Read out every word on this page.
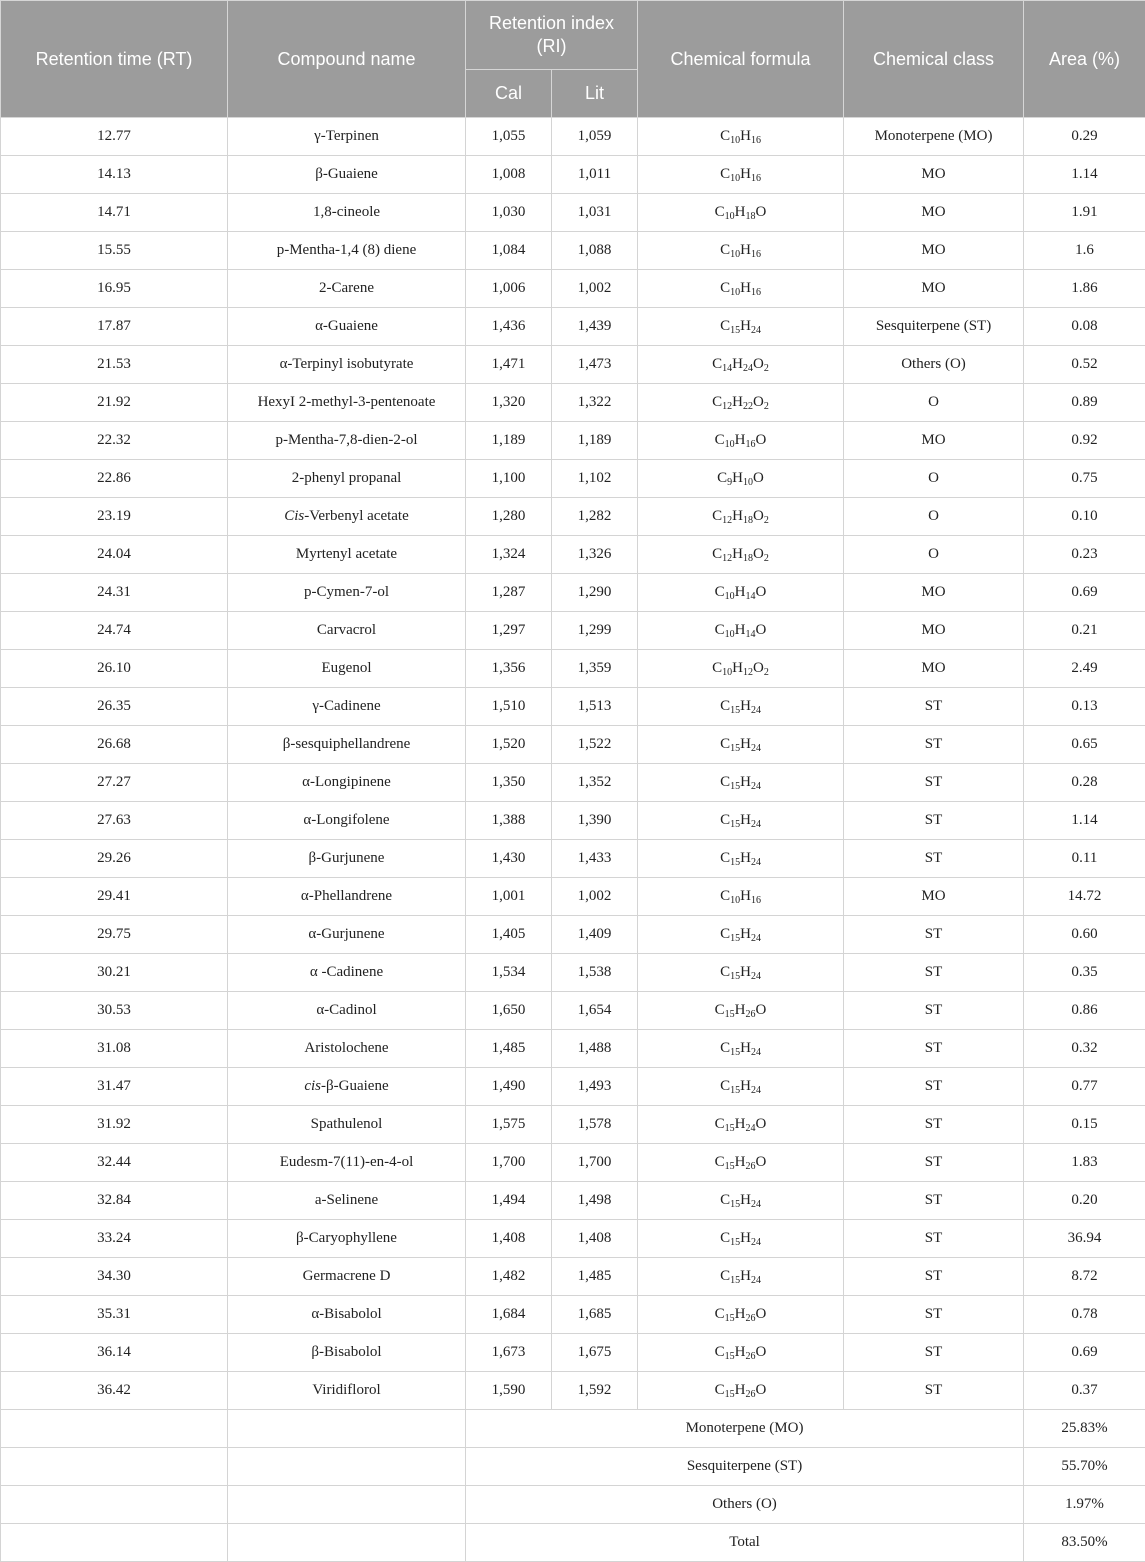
Retention time (RT)	Compound name	Retention index (RI)		Chemical formula	Chemical class	Area (%)
		Cal	Lit			
12.77	γ-Terpinen	1,055	1,059	$C_{10}H_{16}$	Monoterpene (MO)	0.29
14.13	β-Guaiene	1,008	1,011	$C_{10}H_{16}$	MO	1.14
14.71	1,8-cineole	1,030	1,031	$C_{10}H_{18}O$	MO	1.91
15.55	p-Mentha-1,4 (8) diene	1,084	1,088	$C_{10}H_{16}$	MO	1.6
16.95	2-Carene	1,006	1,002	$C_{10}H_{16}$	MO	1.86
17.87	α-Guaiene	1,436	1,439	$C_{15}H_{24}$	Sesquiterpene (ST)	0.08
21.53	α-Terpinyl isobutyrate	1,471	1,473	$C_{14}H_{24}O_2$	Others (O)	0.52
21.92	HexyI 2-methyl-3-pentenoate	1,320	1,322	$C_{12}H_{22}O_2$	O	0.89
22.32	p-Mentha-7,8-dien-2-ol	1,189	1,189	$C_{10}H_{16}O$	MO	0.92
22.86	2-phenyl propanal	1,100	1,102	$C_9H_{10}O$	O	0.75
23.19	Cis-Verbenyl acetate	1,280	1,282	$C_{12}H_{18}O_2$	O	0.10
24.04	Myrtenyl acetate	1,324	1,326	$C_{12}H_{18}O_2$	O	0.23
24.31	p-Cymen-7-ol	1,287	1,290	$C_{10}H_{14}O$	MO	0.69
24.74	Carvacrol	1,297	1,299	$C_{10}H_{14}O$	MO	0.21
26.10	Eugenol	1,356	1,359	$C_{10}H_{12}O_2$	MO	2.49
26.35	γ-Cadinene	1,510	1,513	$C_{15}H_{24}$	ST	0.13
26.68	β-sesquiphellandrene	1,520	1,522	$C_{15}H_{24}$	ST	0.65
27.27	α-Longipinene	1,350	1,352	$C_{15}H_{24}$	ST	0.28
27.63	α-Longifolene	1,388	1,390	$C_{15}H_{24}$	ST	1.14
29.26	β-Gurjunene	1,430	1,433	$C_{15}H_{24}$	ST	0.11
29.41	α-Phellandrene	1,001	1,002	$C_{10}H_{16}$	MO	14.72
29.75	α-Gurjunene	1,405	1,409	$C_{15}H_{24}$	ST	0.60
30.21	α -Cadinene	1,534	1,538	$C_{15}H_{24}$	ST	0.35
30.53	α-Cadinol	1,650	1,654	$C_{15}H_{26}O$	ST	0.86
31.08	Aristolochene	1,485	1,488	$C_{15}H_{24}$	ST	0.32
31.47	cis-β-Guaiene	1,490	1,493	$C_{15}H_{24}$	ST	0.77
31.92	Spathulenol	1,575	1,578	$C_{15}H_{24}O$	ST	0.15
32.44	Eudesm-7(11)-en-4-ol	1,700	1,700	$C_{15}H_{26}O$	ST	1.83
32.84	a-Selinene	1,494	1,498	$C_{15}H_{24}$	ST	0.20
33.24	β-Caryophyllene	1,408	1,408	$C_{15}H_{24}$	ST	36.94
34.30	Germacrene D	1,482	1,485	$C_{15}H_{24}$	ST	8.72
35.31	α-Bisabolol	1,684	1,685	$C_{15}H_{26}O$	ST	0.78
36.14	β-Bisabolol	1,673	1,675	$C_{15}H_{26}O$	ST	0.69
36.42	Viridiflorol	1,590	1,592	$C_{15}H_{26}O$	ST	0.37
		Monoterpene (MO)				25.83%
		Sesquiterpene (ST)				55.70%
		Others (O)				1.97%
		Total				83.50%
